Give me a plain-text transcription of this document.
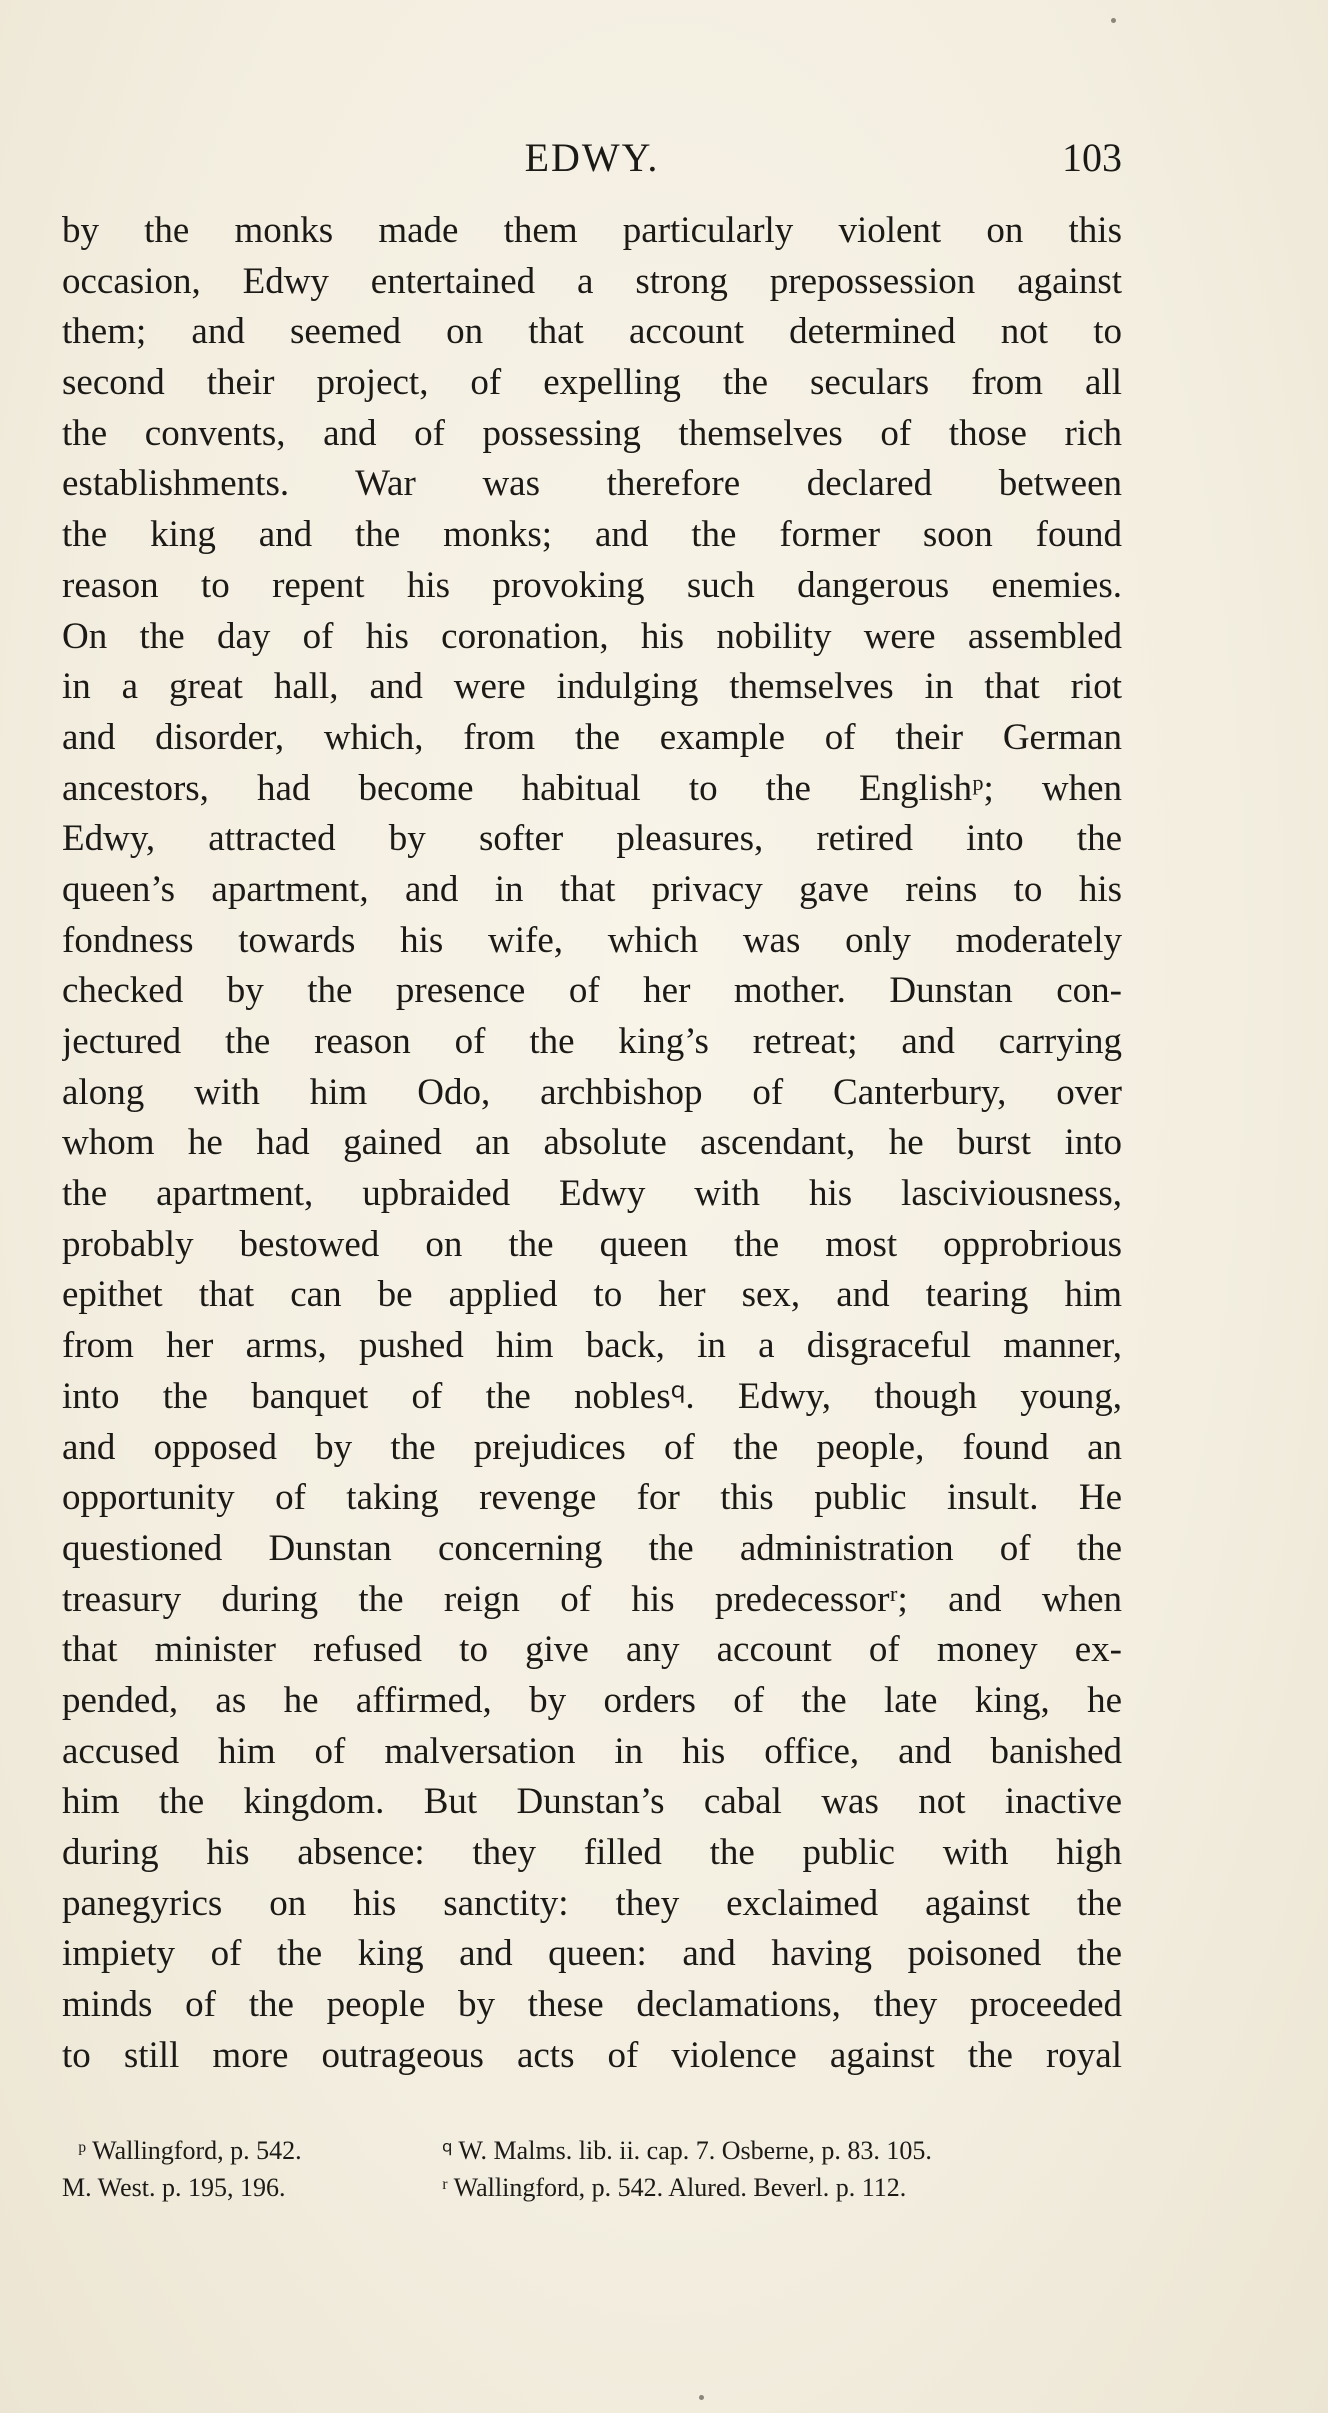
EDWY.	103
by the monks made them particularly violent on this
occasion, Edwy entertained a strong prepossession against
them; and seemed on that account determined not to
second their project, of expelling the seculars from all
the convents, and of possessing themselves of those rich
establishments. War was therefore declared between
the king and the monks; and the former soon found
reason to repent his provoking such dangerous enemies.
On the day of his coronation, his nobility were assembled
in a great hall, and were indulging themselves in that riot
and disorder, which, from the example of their German
ancestors, had become habitual to the Englishᵖ; when
Edwy, attracted by softer pleasures, retired into the
queen’s apartment, and in that privacy gave reins to his
fondness towards his wife, which was only moderately
checked by the presence of her mother. Dunstan con-
jectured the reason of the king’s retreat; and carrying
along with him Odo, archbishop of Canterbury, over
whom he had gained an absolute ascendant, he burst into
the apartment, upbraided Edwy with his lasciviousness,
probably bestowed on the queen the most opprobrious
epithet that can be applied to her sex, and tearing him
from her arms, pushed him back, in a disgraceful manner,
into the banquet of the nobles𐞥. Edwy, though young,
and opposed by the prejudices of the people, found an
opportunity of taking revenge for this public insult. He
questioned Dunstan concerning the administration of the
treasury during the reign of his predecessorʳ; and when
that minister refused to give any account of money ex-
pended, as he affirmed, by orders of the late king, he
accused him of malversation in his office, and banished
him the kingdom. But Dunstan’s cabal was not inactive
during his absence: they filled the public with high
panegyrics on his sanctity: they exclaimed against the
impiety of the king and queen: and having poisoned the
minds of the people by these declamations, they proceeded
to still more outrageous acts of violence against the royal
ᵖ Wallingford, p. 542.	𐞥 W. Malms. lib. ii. cap. 7. Osberne, p. 83. 105.
M. West. p. 195, 196.	ʳ Wallingford, p. 542. Alured. Beverl. p. 112.
